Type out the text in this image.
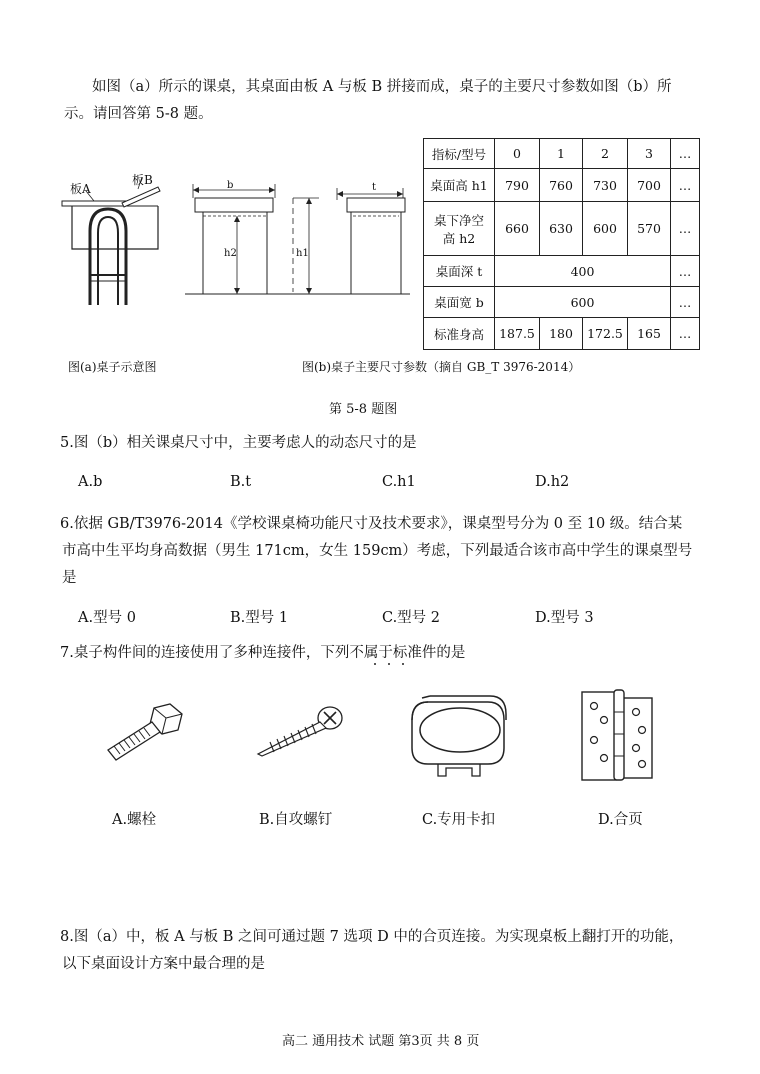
如图（a）所示的课桌，其桌面由板 A 与板 B 拼接而成，桌子的主要尺寸参数如图（b）所
示。请回答第 5-8 题。
板A
板B
图(a)桌子示意图
b
h2	h1
t
指标/型号	0	1	2	3	…
桌面高 h1	790	760	730	700	…

桌下净空
高 h2	660	630	600	570	…
桌面深 t	400				…
桌面宽 b	600				…
标准身高	187.5	180	172.5	165	…
图(b)桌子主要尺寸参数（摘自 GB_T 3976-2014）
第 5-8 题图
5.图（b）相关课桌尺寸中，主要考虑人的动态尺寸的是
A.b	B.t	C.h1	D.h2
6.依据 GB/T3976-2014《学校课桌椅功能尺寸及技术要求》，课桌型号分为 0 至 10 级。结合某
市高中生平均身高数据（男生 171cm，女生 159cm）考虑，下列最适合该市高中学生的课桌型号
是
A.型号 0	B.型号 1	C.型号 2	D.型号 3
7.桌子构件间的连接使用了多种连接件，下列不属于标准件的是
A.螺栓	B.自攻螺钉	C.专用卡扣	D.合页
8.图（a）中，板 A 与板 B 之间可通过题 7 选项 D 中的合页连接。为实现桌板上翻打开的功能，
以下桌面设计方案中最合理的是
高二 通用技术 试题 第3页 共 8 页
